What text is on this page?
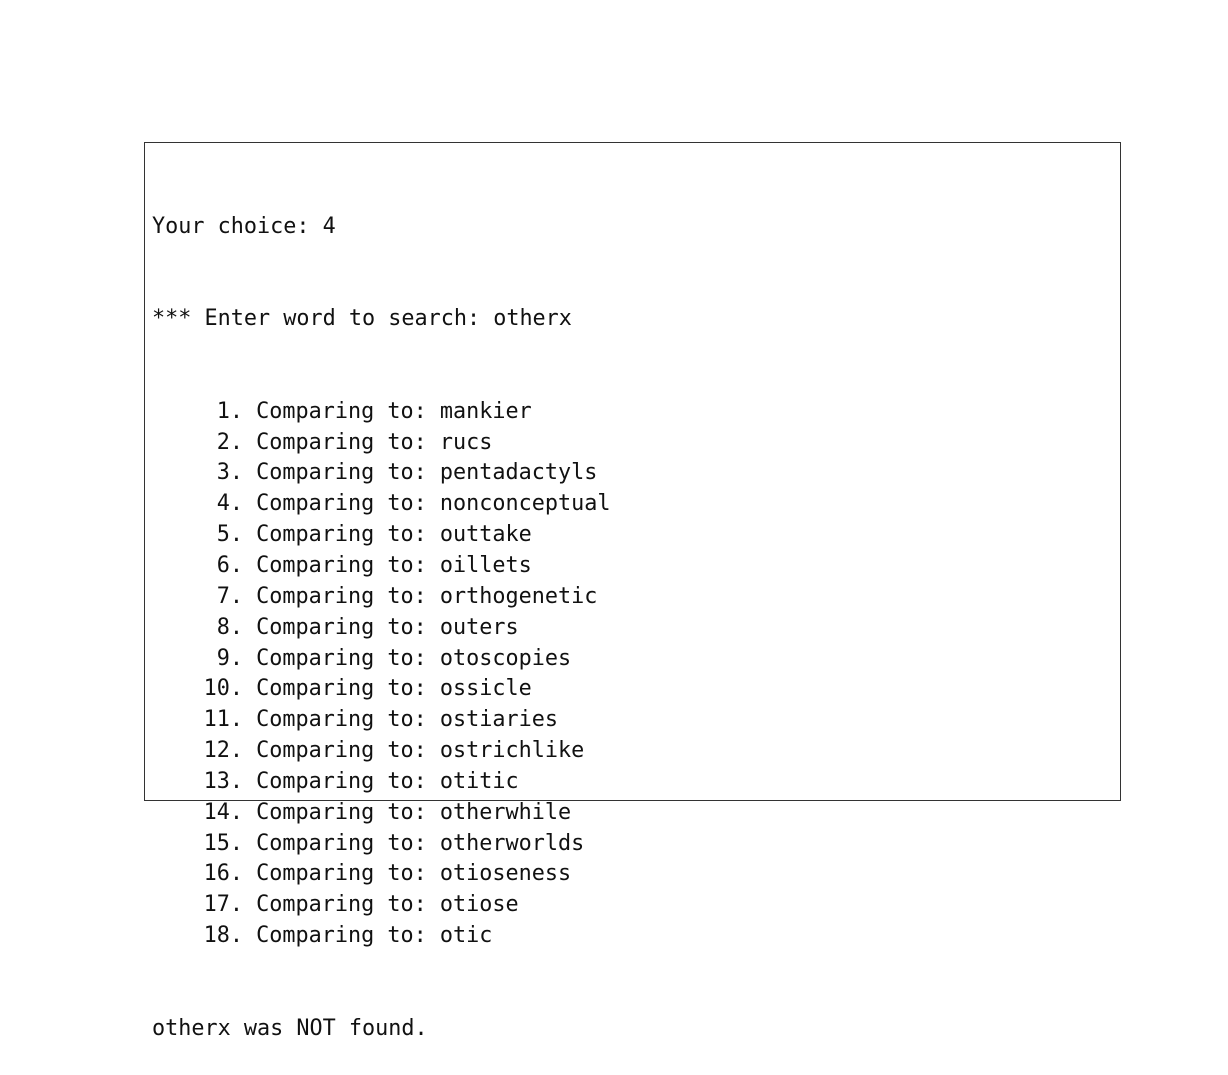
Your choice: 4

*** Enter word to search: otherx

1. Comparing to: mankier
2. Comparing to: rucs
3. Comparing to: pentadactyls
4. Comparing to: nonconceptual
5. Comparing to: outtake
6. Comparing to: oillets
7. Comparing to: orthogenetic
8. Comparing to: outers
9. Comparing to: otoscopies
10. Comparing to: ossicle
11. Comparing to: ostiaries
12. Comparing to: ostrichlike
13. Comparing to: otitic
14. Comparing to: otherwhile
15. Comparing to: otherworlds
16. Comparing to: otioseness
17. Comparing to: otiose
18. Comparing to: otic

otherx was NOT found.
